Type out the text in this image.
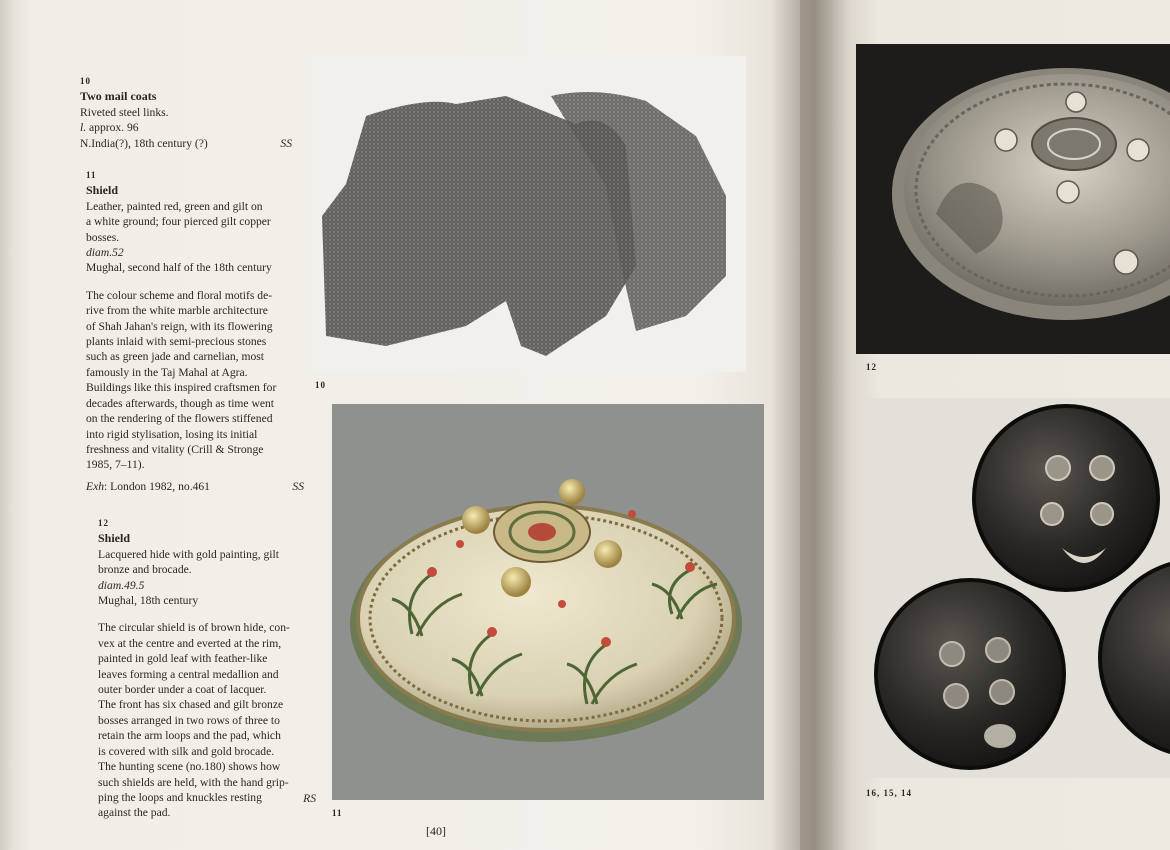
10
Two mail coats
Riveted steel links.
l. approx. 96
N.India(?), 18th century (?)	SS
11
Shield
Leather, painted red, green and gilt on
a white ground; four pierced gilt copper
bosses.
diam.52
Mughal, second half of the 18th century
The colour scheme and floral motifs de-
rive from the white marble architecture
of Shah Jahan's reign, with its flowering
plants inlaid with semi-precious stones
such as green jade and carnelian, most
famously in the Taj Mahal at Agra.
Buildings like this inspired craftsmen for
decades afterwards, though as time went
on the rendering of the flowers stiffened
into rigid stylisation, losing its initial
freshness and vitality (Crill & Stronge
1985, 7–11).
Exh: London 1982, no.461	SS
12
Shield
Lacquered hide with gold painting, gilt
bronze and brocade.
diam.49.5
Mughal, 18th century
The circular shield is of brown hide, con-
vex at the centre and everted at the rim,
painted in gold leaf with feather-like
leaves forming a central medallion and
outer border under a coat of lacquer.
The front has six chased and gilt bronze
bosses arranged in two rows of three to
retain the arm loops and the pad, which
is covered with silk and gold brocade.
The hunting scene (no.180) shows how
such shields are held, with the hand grip-
ping the loops and knuckles resting
against the pad.
RS
10
11
[40]
12
16, 15, 14
